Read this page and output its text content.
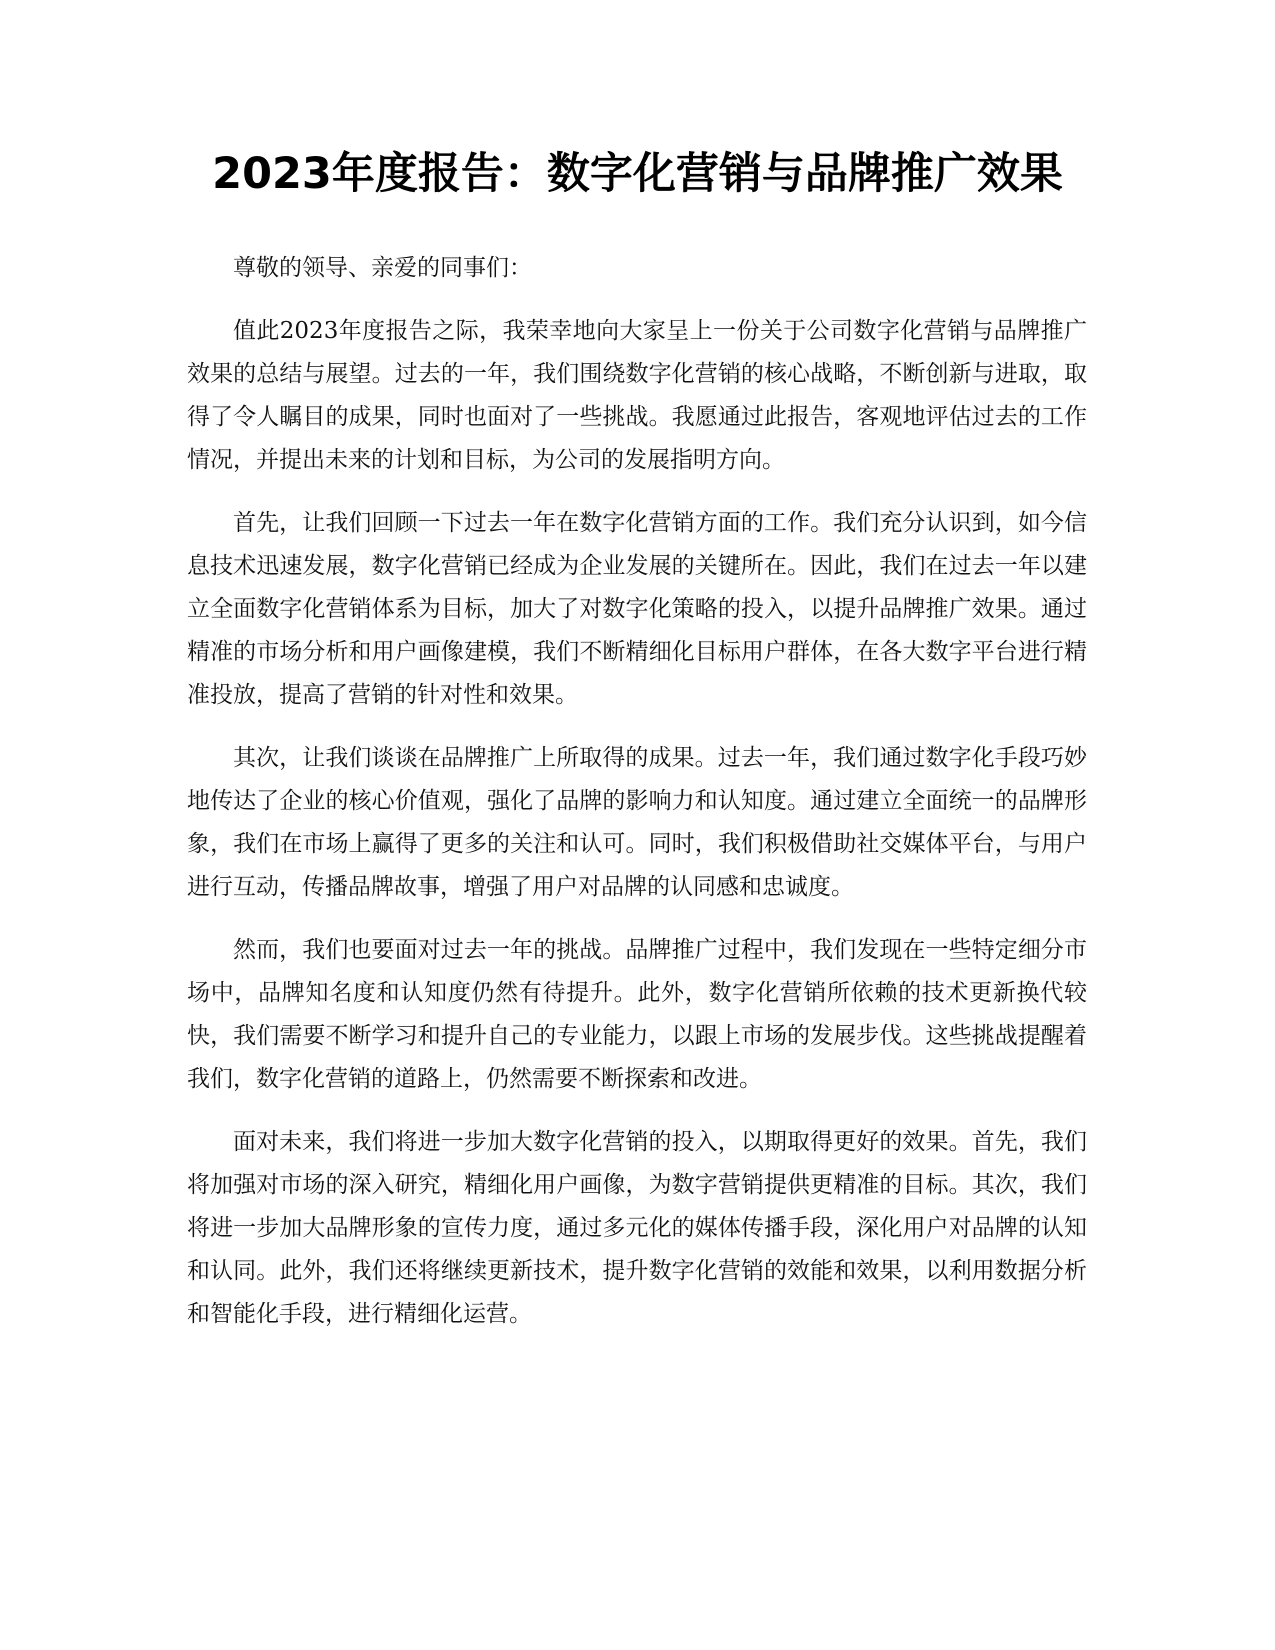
2023年度报告：数字化营销与品牌推广效果

尊敬的领导、亲爱的同事们：

值此2023年度报告之际，我荣幸地向大家呈上一份关于公司数字化营销与品牌推广效果的总结与展望。过去的一年，我们围绕数字化营销的核心战略，不断创新与进取，取得了令人瞩目的成果，同时也面对了一些挑战。我愿通过此报告，客观地评估过去的工作情况，并提出未来的计划和目标，为公司的发展指明方向。

首先，让我们回顾一下过去一年在数字化营销方面的工作。我们充分认识到，如今信息技术迅速发展，数字化营销已经成为企业发展的关键所在。因此，我们在过去一年以建立全面数字化营销体系为目标，加大了对数字化策略的投入，以提升品牌推广效果。通过精准的市场分析和用户画像建模，我们不断精细化目标用户群体，在各大数字平台进行精准投放，提高了营销的针对性和效果。

其次，让我们谈谈在品牌推广上所取得的成果。过去一年，我们通过数字化手段巧妙地传达了企业的核心价值观，强化了品牌的影响力和认知度。通过建立全面统一的品牌形象，我们在市场上赢得了更多的关注和认可。同时，我们积极借助社交媒体平台，与用户进行互动，传播品牌故事，增强了用户对品牌的认同感和忠诚度。

然而，我们也要面对过去一年的挑战。品牌推广过程中，我们发现在一些特定细分市场中，品牌知名度和认知度仍然有待提升。此外，数字化营销所依赖的技术更新换代较快，我们需要不断学习和提升自己的专业能力，以跟上市场的发展步伐。这些挑战提醒着我们，数字化营销的道路上，仍然需要不断探索和改进。

面对未来，我们将进一步加大数字化营销的投入，以期取得更好的效果。首先，我们将加强对市场的深入研究，精细化用户画像，为数字营销提供更精准的目标。其次，我们将进一步加大品牌形象的宣传力度，通过多元化的媒体传播手段，深化用户对品牌的认知和认同。此外，我们还将继续更新技术，提升数字化营销的效能和效果，以利用数据分析和智能化手段，进行精细化运营。
